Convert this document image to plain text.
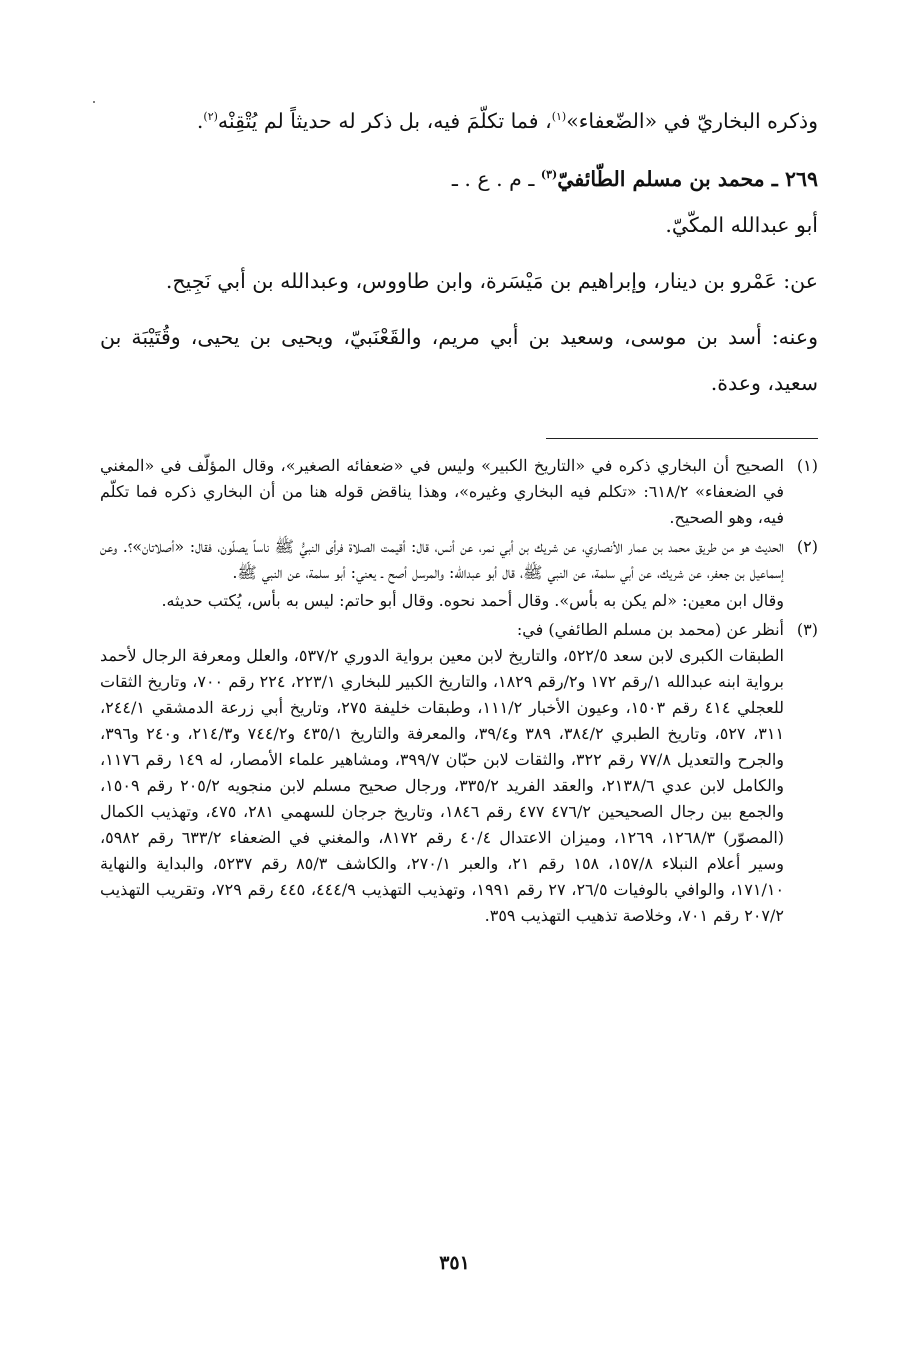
وذكره البخاريّ في «الضّعفاء»$^{(١)}$، فما تكلّمَ فيه، بل ذكر له حديثاً لم يُتْقِنْه$^{(٢)}$.

٢٦٩ ـ محمد بن مسلم الطّائفيّ$^{(٣)}$ ـ م . ع . ـ

أبو عبدالله المكّيّ.

عن: عَمْرو بن دينار، وإبراهيم بن مَيْسَرة، وابن طاووس، وعبدالله بن أبي نَجِيح.

وعنه: أسد بن موسى، وسعيد بن أبي مريم، والقَعْنَبيّ، ويحيى بن يحيى، وقُتَيْبَة بن سعيد، وعدة.

(١)
الصحيح أن البخاري ذكره في «التاريخ الكبير» وليس في «ضعفائه الصغير»، وقال المؤلّف في «المغني في الضعفاء» ٦١٨/٢: «تكلم فيه البخاري وغيره»، وهذا يناقض قوله هنا من أن البخاري ذكره فما تكلّم فيه، وهو الصحيح.
(٢)
الحديث هو من طريق محمد بن عمار الأنصاري، عن شريك بن أبي نمر، عن أنس، قال: أقيمت الصلاة فرأى النبيُّ ﷺ ناساً يصلّون، فقال: «أصلاتان»؟. وعن إسماعيل بن جعفر، عن شريك، عن أبي سلمة، عن النبي ﷺ، قال أبو عبدالله: والمرسل أصح ـ يعني: أبو سلمة، عن النبي ﷺ.
وقال ابن معين: «لم يكن به بأس». وقال أحمد نحوه. وقال أبو حاتم: ليس به بأس، يُكتب حديثه.
(٣)
أنظر عن (محمد بن مسلم الطائفي) في:
الطبقات الكبرى لابن سعد ٥٢٢/٥، والتاريخ لابن معين برواية الدوري ٥٣٧/٢، والعلل ومعرفة الرجال لأحمد برواية ابنه عبدالله ١/رقم ١٧٢ و٢/رقم ١٨٢٩، والتاريخ الكبير للبخاري ٢٢٣/١، ٢٢٤ رقم ٧٠٠، وتاريخ الثقات للعجلي ٤١٤ رقم ١٥٠٣، وعيون الأخبار ١١١/٢، وطبقات خليفة ٢٧٥، وتاريخ أبي زرعة الدمشقي ٢٤٤/١، ٣١١، ٥٢٧، وتاريخ الطبري ٣٨٤/٢، ٣٨٩ و٣٩/٤، والمعرفة والتاريخ ٤٣٥/١ و٧٤٤/٢ و٢١٤/٣، و٢٤٠ و٣٩٦، والجرح والتعديل ٧٧/٨ رقم ٣٢٢، والثقات لابن حبّان ٣٩٩/٧، ومشاهير علماء الأمصار، له ١٤٩ رقم ١١٧٦، والكامل لابن عدي ٢١٣٨/٦، والعقد الفريد ٣٣٥/٢، ورجال صحيح مسلم لابن منجويه ٢٠٥/٢ رقم ١٥٠٩، والجمع بين رجال الصحيحين ٤٧٦/٢ ٤٧٧ رقم ١٨٤٦، وتاريخ جرجان للسهمي ٢٨١، ٤٧٥، وتهذيب الكمال (المصوّر) ١٢٦٨/٣، ١٢٦٩، وميزان الاعتدال ٤٠/٤ رقم ٨١٧٢، والمغني في الضعفاء ٦٣٣/٢ رقم ٥٩٨٢، وسير أعلام النبلاء ١٥٧/٨، ١٥٨ رقم ٢١، والعبر ٢٧٠/١، والكاشف ٨٥/٣ رقم ٥٢٣٧، والبداية والنهاية ١٧١/١٠، والوافي بالوفيات ٢٦/٥، ٢٧ رقم ١٩٩١، وتهذيب التهذيب ٤٤٤/٩، ٤٤٥ رقم ٧٢٩، وتقريب التهذيب ٢٠٧/٢ رقم ٧٠١، وخلاصة تذهيب التهذيب ٣٥٩.
٣٥١
